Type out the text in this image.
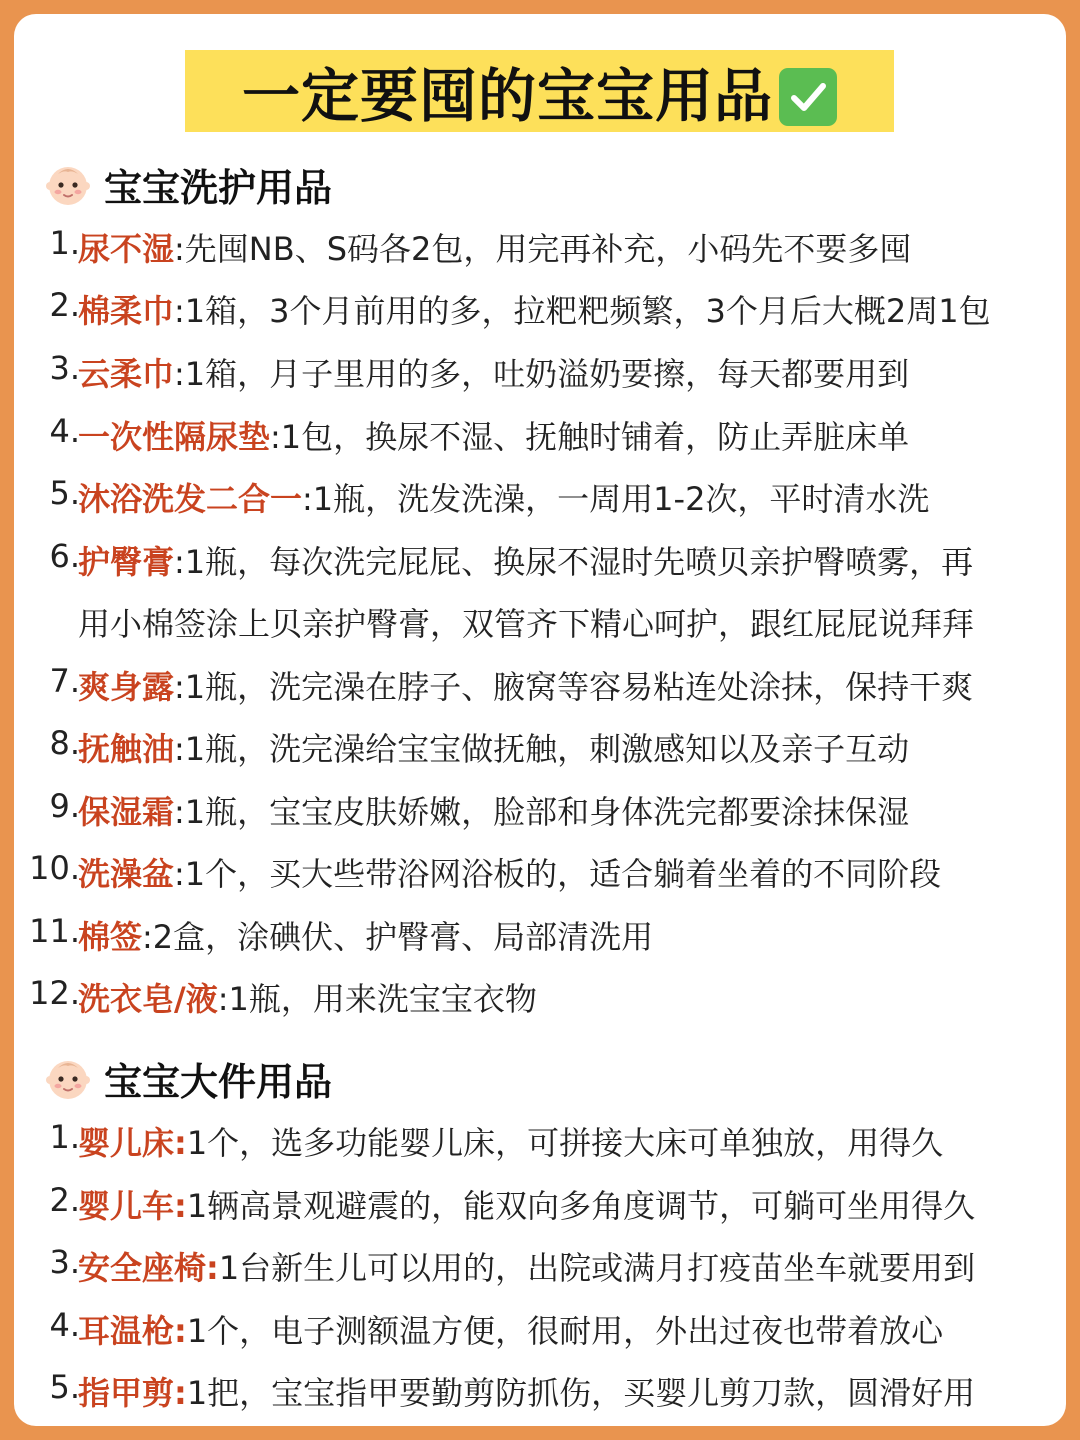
一定要囤的宝宝用品
宝宝洗护用品
1.
尿不湿:先囤NB、S码各2包，用完再补充，小码先不要多囤
2.
棉柔巾:1箱，3个月前用的多，拉粑粑频繁，3个月后大概2周1包
3.
云柔巾:1箱，月子里用的多，吐奶溢奶要擦，每天都要用到
4.
一次性隔尿垫:1包，换尿不湿、抚触时铺着，防止弄脏床单
5.
沐浴洗发二合一:1瓶，洗发洗澡，一周用1-2次，平时清水洗
6.
护臀膏:1瓶，每次洗完屁屁、换尿不湿时先喷贝亲护臀喷雾，再
用小棉签涂上贝亲护臀膏，双管齐下精心呵护，跟红屁屁说拜拜
7.
爽身露:1瓶，洗完澡在脖子、腋窝等容易粘连处涂抹，保持干爽
8.
抚触油:1瓶，洗完澡给宝宝做抚触，刺激感知以及亲子互动
9.
保湿霜:1瓶，宝宝皮肤娇嫩，脸部和身体洗完都要涂抹保湿
10.
洗澡盆:1个，买大些带浴网浴板的，适合躺着坐着的不同阶段
11.
棉签:2盒，涂碘伏、护臀膏、局部清洗用
12.
洗衣皂/液:1瓶，用来洗宝宝衣物
宝宝大件用品
1.
婴儿床:1个，选多功能婴儿床，可拼接大床可单独放，用得久
2.
婴儿车:1辆高景观避震的，能双向多角度调节，可躺可坐用得久
3.
安全座椅:1台新生儿可以用的，出院或满月打疫苗坐车就要用到
4.
耳温枪:1个，电子测额温方便，很耐用，外出过夜也带着放心
5.
指甲剪:1把，宝宝指甲要勤剪防抓伤，买婴儿剪刀款，圆滑好用
